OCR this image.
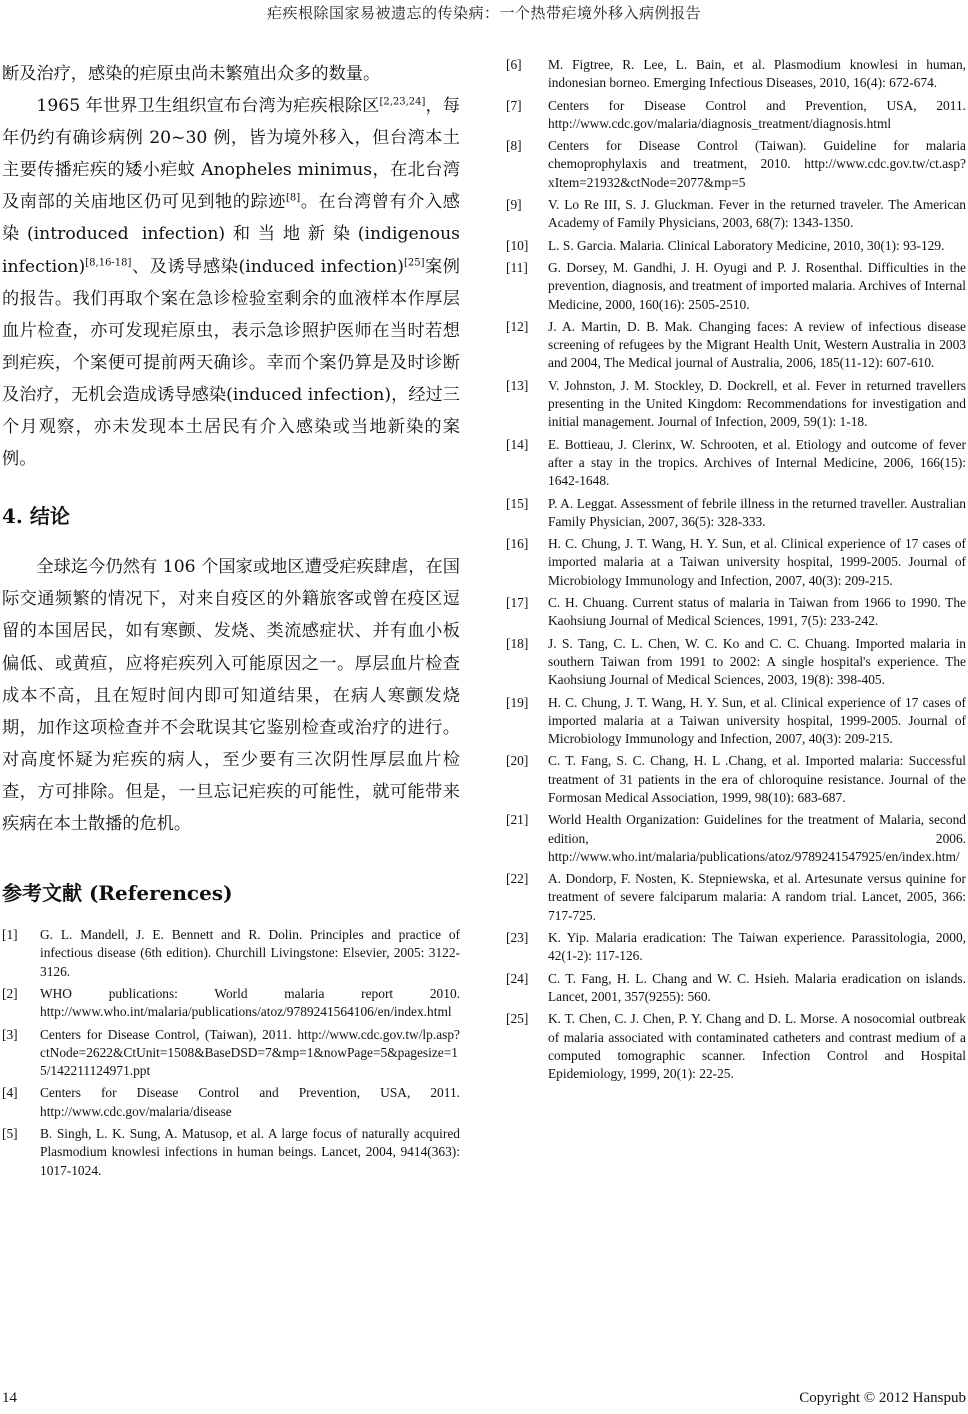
疟疾根除国家易被遗忘的传染病：一个热带疟境外移入病例报告

断及治疗，感染的疟原虫尚未繁殖出众多的数量。

1965 年世界卫生组织宣布台湾为疟疾根除区[2,23,24]，每年仍约有确诊病例 20~30 例，皆为境外移入，但台湾本土主要传播疟疾的矮小疟蚊 Anopheles minimus，在北台湾及南部的关庙地区仍可见到牠的踪迹[8]。在台湾曾有介入感染(introduced infection)和当地新染(indigenous infection)[8,16-18]、及诱导感染(induced infection)[25]案例的报告。我们再取个案在急诊检验室剩余的血液样本作厚层血片检查，亦可发现疟原虫，表示急诊照护医师在当时若想到疟疾，个案便可提前两天确诊。幸而个案仍算是及时诊断及治疗，无机会造成诱导感染(induced infection)，经过三个月观察，亦未发现本土居民有介入感染或当地新染的案例。

4. 结论

全球迄今仍然有 106 个国家或地区遭受疟疾肆虐，在国际交通频繁的情况下，对来自疫区的外籍旅客或曾在疫区逗留的本国居民，如有寒颤、发烧、类流感症状、并有血小板偏低、或黄疸，应将疟疾列入可能原因之一。厚层血片检查成本不高，且在短时间内即可知道结果，在病人寒颤发烧期，加作这项检查并不会耽误其它鉴别检查或治疗的进行。对高度怀疑为疟疾的病人，至少要有三次阴性厚层血片检查，方可排除。但是，一旦忘记疟疾的可能性，就可能带来疾病在本土散播的危机。

参考文献 (References)
[1] G. L. Mandell, J. E. Bennett and R. Dolin. Principles and practice of infectious disease (6th edition). Churchill Livingstone: Elsevier, 2005: 3122-3126.
[2] WHO publications: World malaria report 2010. http://www.who.int/malaria/publications/atoz/9789241564106/en/index.html
[3] Centers for Disease Control, (Taiwan), 2011. http://www.cdc.gov.tw/lp.asp?ctNode=2622&CtUnit=1508&BaseDSD=7&mp=1&nowPage=5&pagesize=15/142211124971.ppt
[4] Centers for Disease Control and Prevention, USA, 2011. http://www.cdc.gov/malaria/disease
[5] B. Singh, L. K. Sung, A. Matusop, et al. A large focus of naturally acquired Plasmodium knowlesi infections in human beings. Lancet, 2004, 9414(363): 1017-1024.
[6] M. Figtree, R. Lee, L. Bain, et al. Plasmodium knowlesi in human, indonesian borneo. Emerging Infectious Diseases, 2010, 16(4): 672-674.
[7] Centers for Disease Control and Prevention, USA, 2011. http://www.cdc.gov/malaria/diagnosis_treatment/diagnosis.html
[8] Centers for Disease Control (Taiwan). Guideline for malaria chemoprophylaxis and treatment, 2010. http://www.cdc.gov.tw/ct.asp?xItem=21932&ctNode=2077&mp=5
[9] V. Lo Re III, S. J. Gluckman. Fever in the returned traveler. The American Academy of Family Physicians, 2003, 68(7): 1343-1350.
[10] L. S. Garcia. Malaria. Clinical Laboratory Medicine, 2010, 30(1): 93-129.
[11] G. Dorsey, M. Gandhi, J. H. Oyugi and P. J. Rosenthal. Difficulties in the prevention, diagnosis, and treatment of imported malaria. Archives of Internal Medicine, 2000, 160(16): 2505-2510.
[12] J. A. Martin, D. B. Mak. Changing faces: A review of infectious disease screening of refugees by the Migrant Health Unit, Western Australia in 2003 and 2004, The Medical journal of Australia, 2006, 185(11-12): 607-610.
[13] V. Johnston, J. M. Stockley, D. Dockrell, et al. Fever in returned travellers presenting in the United Kingdom: Recommendations for investigation and initial management. Journal of Infection, 2009, 59(1): 1-18.
[14] E. Bottieau, J. Clerinx, W. Schrooten, et al. Etiology and outcome of fever after a stay in the tropics. Archives of Internal Medicine, 2006, 166(15): 1642-1648.
[15] P. A. Leggat. Assessment of febrile illness in the returned traveller. Australian Family Physician, 2007, 36(5): 328-333.
[16] H. C. Chung, J. T. Wang, H. Y. Sun, et al. Clinical experience of 17 cases of imported malaria at a Taiwan university hospital, 1999-2005. Journal of Microbiology Immunology and Infection, 2007, 40(3): 209-215.
[17] C. H. Chuang. Current status of malaria in Taiwan from 1966 to 1990. The Kaohsiung Journal of Medical Sciences, 1991, 7(5): 233-242.
[18] J. S. Tang, C. L. Chen, W. C. Ko and C. C. Chuang. Imported malaria in southern Taiwan from 1991 to 2002: A single hospital's experience. The Kaohsiung Journal of Medical Sciences, 2003, 19(8): 398-405.
[19] H. C. Chung, J. T. Wang, H. Y. Sun, et al. Clinical experience of 17 cases of imported malaria at a Taiwan university hospital, 1999-2005. Journal of Microbiology Immunology and Infection, 2007, 40(3): 209-215.
[20] C. T. Fang, S. C. Chang, H. L .Chang, et al. Imported malaria: Successful treatment of 31 patients in the era of chloroquine resistance. Journal of the Formosan Medical Association, 1999, 98(10): 683-687.
[21] World Health Organization: Guidelines for the treatment of Malaria, second edition, 2006. http://www.who.int/malaria/publications/atoz/9789241547925/en/index.htm/
[22] A. Dondorp, F. Nosten, K. Stepniewska, et al. Artesunate versus quinine for treatment of severe falciparum malaria: A random trial. Lancet, 2005, 366: 717-725.
[23] K. Yip. Malaria eradication: The Taiwan experience. Parassitologia, 2000, 42(1-2): 117-126.
[24] C. T. Fang, H. L. Chang and W. C. Hsieh. Malaria eradication on islands. Lancet, 2001, 357(9255): 560.
[25] K. T. Chen, C. J. Chen, P. Y. Chang and D. L. Morse. A nosocomial outbreak of malaria associated with contaminated catheters and contrast medium of a computed tomographic scanner. Infection Control and Hospital Epidemiology, 1999, 20(1): 22-25.
14	Copyright © 2012 Hanspub
